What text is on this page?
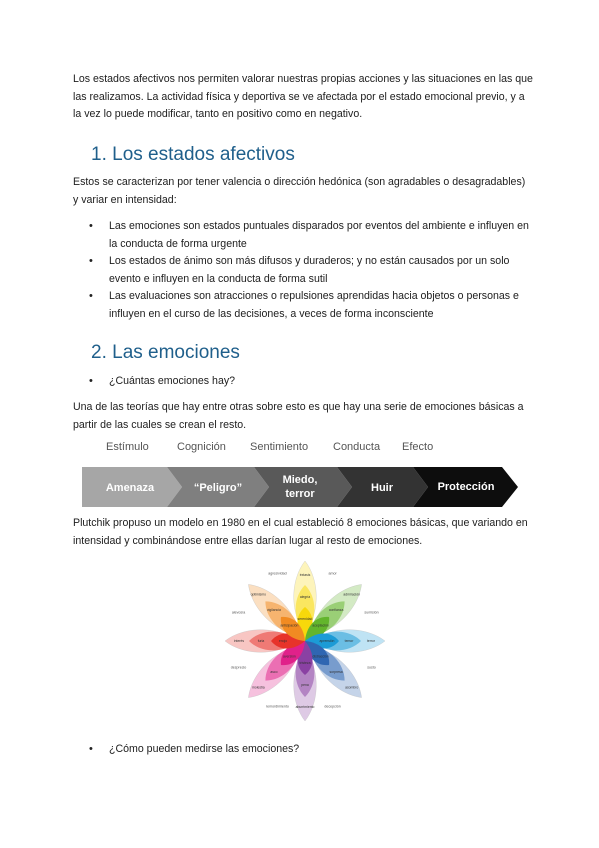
Los estados afectivos nos permiten valorar nuestras propias acciones y las situaciones en las que las realizamos. La actividad física y deportiva se ve afectada por el estado emocional previo, y a la vez lo puede modificar, tanto en positivo como en negativo.

1. Los estados afectivos

Estos se caracterizan por tener valencia o dirección hedónica (son agradables o desagradables) y variar en intensidad:

• Las emociones son estados puntuales disparados por eventos del ambiente e influyen en la conducta de forma urgente
• Los estados de ánimo son más difusos y duraderos; y no están causados por un solo evento e influyen en la conducta de forma sutil
• Las evaluaciones son atracciones o repulsiones aprendidas hacia objetos o personas e influyen en el curso de las decisiones, a veces de forma inconsciente
2. Las emociones
• ¿Cuántas emociones hay?

Una de las teorías que hay entre otras sobre esto es que hay una serie de emociones básicas a partir de las cuales se crean el resto.

Estímulo	Cognición Sentimiento Conducta Efecto
Amenaza	“Peligro”
Miedo,
terror	Huir	Protección

Plutchik propuso un modelo en 1980 en el cual estableció 8 emociones básicas, que variando en intensidad y combinándose entre ellas darían lugar al resto de emociones.

serenidad
alegría
éxtasis
aceptación
confianza
admiración
aprensión	temor	terror
distracción
sorpresa
asombro
tristeza
pena
aburrimiento
aversión
asco
molestia
enojo
furia
interés
anticipación
vigilancia
optimismo
amor
sumisión
susto
decepción
remordimiento
desprecio
alevosía
agresividad
• ¿Cómo pueden medirse las emociones?
